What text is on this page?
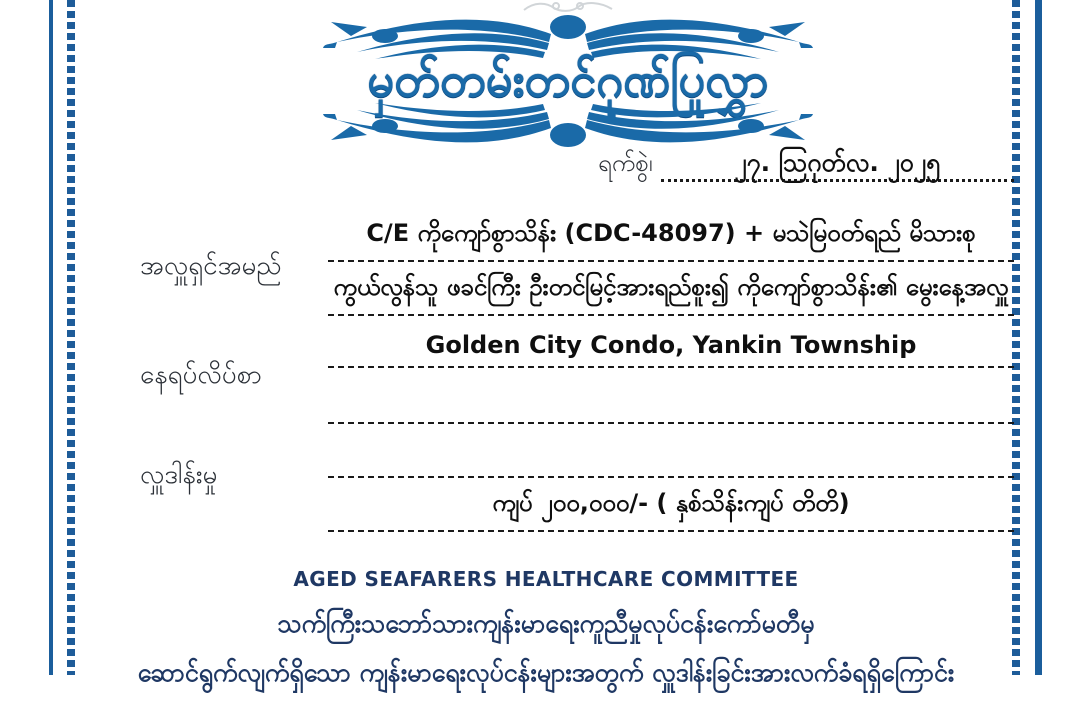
မှတ်တမ်းတင်ဂုဏ်ပြုလွှာ
ရက်စွဲ၊	၂၇. ဩဂုတ်လ. ၂၀၂၅
အလှူရှင်အမည်
C/E ကိုကျော်စွာသိန်း (CDC-48097) + မသဲမြဝတ်ရည် မိသားစု
ကွယ်လွန်သူ ဖခင်ကြီး ဦးတင်မြင့်အားရည်စူး၍ ကိုကျော်စွာသိန်း၏ မွေးနေ့အလှူ
နေရပ်လိပ်စာ
Golden City Condo, Yankin Township
လှူဒါန်းမှု
ကျပ် ၂၀၀,၀၀၀/- ( နှစ်သိန်းကျပ် တိတိ)
AGED SEAFARERS HEALTHCARE COMMITTEE
သက်ကြီးသဘော်သားကျန်းမာရေးကူညီမှုလုပ်ငန်းကော်မတီမှ
ဆောင်ရွက်လျက်ရှိသော ကျန်းမာရေးလုပ်ငန်းများအတွက် လှူဒါန်းခြင်းအားလက်ခံရရှိကြောင်း
